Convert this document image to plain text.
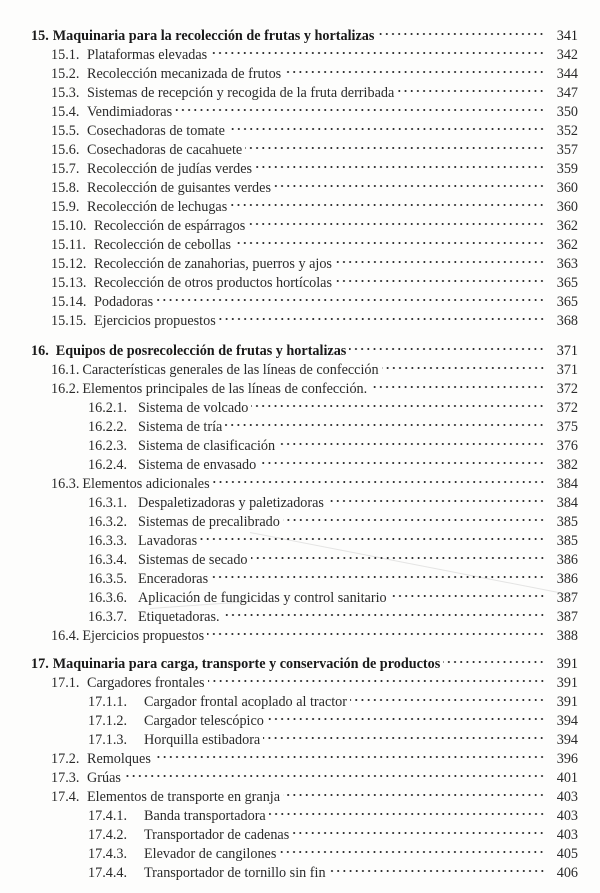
15. Maquinaria para la recolección de frutas y hortalizas	341
15.1. Plataformas elevadas	342
15.2. Recolección mecanizada de frutos	344
15.3. Sistemas de recepción y recogida de la fruta derribada	347
15.4. Vendimiadoras	350
15.5. Cosechadoras de tomate	352
15.6. Cosechadoras de cacahuete	357
15.7. Recolección de judías verdes	359
15.8. Recolección de guisantes verdes	360
15.9. Recolección de lechugas	360
15.10. Recolección de espárragos	362
15.11. Recolección de cebollas	362
15.12. Recolección de zanahorias, puerros y ajos	363
15.13. Recolección de otros productos hortícolas	365
15.14. Podadoras	365
15.15. Ejercicios propuestos	368
16. Equipos de posrecolección de frutas y hortalizas	371
16.1. Características generales de las líneas de confección	371
16.2. Elementos principales de las líneas de confección.	372
16.2.1. Sistema de volcado	372
16.2.2. Sistema de tría	375
16.2.3. Sistema de clasificación	376
16.2.4. Sistema de envasado	382
16.3. Elementos adicionales	384
16.3.1. Despaletizadoras y paletizadoras	384
16.3.2. Sistemas de precalibrado	385
16.3.3. Lavadoras	385
16.3.4. Sistemas de secado	386
16.3.5. Enceradoras	386
16.3.6. Aplicación de fungicidas y control sanitario	387
16.3.7. Etiquetadoras.	387
16.4. Ejercicios propuestos	388
17. Maquinaria para carga, transporte y conservación de productos	391
17.1. Cargadores frontales	391
17.1.1. Cargador frontal acoplado al tractor	391
17.1.2. Cargador telescópico	394
17.1.3. Horquilla estibadora	394
17.2. Remolques	396
17.3. Grúas	401
17.4. Elementos de transporte en granja	403
17.4.1. Banda transportadora	403
17.4.2. Transportador de cadenas	403
17.4.3. Elevador de cangilones	405
17.4.4. Transportador de tornillo sin fin	406
